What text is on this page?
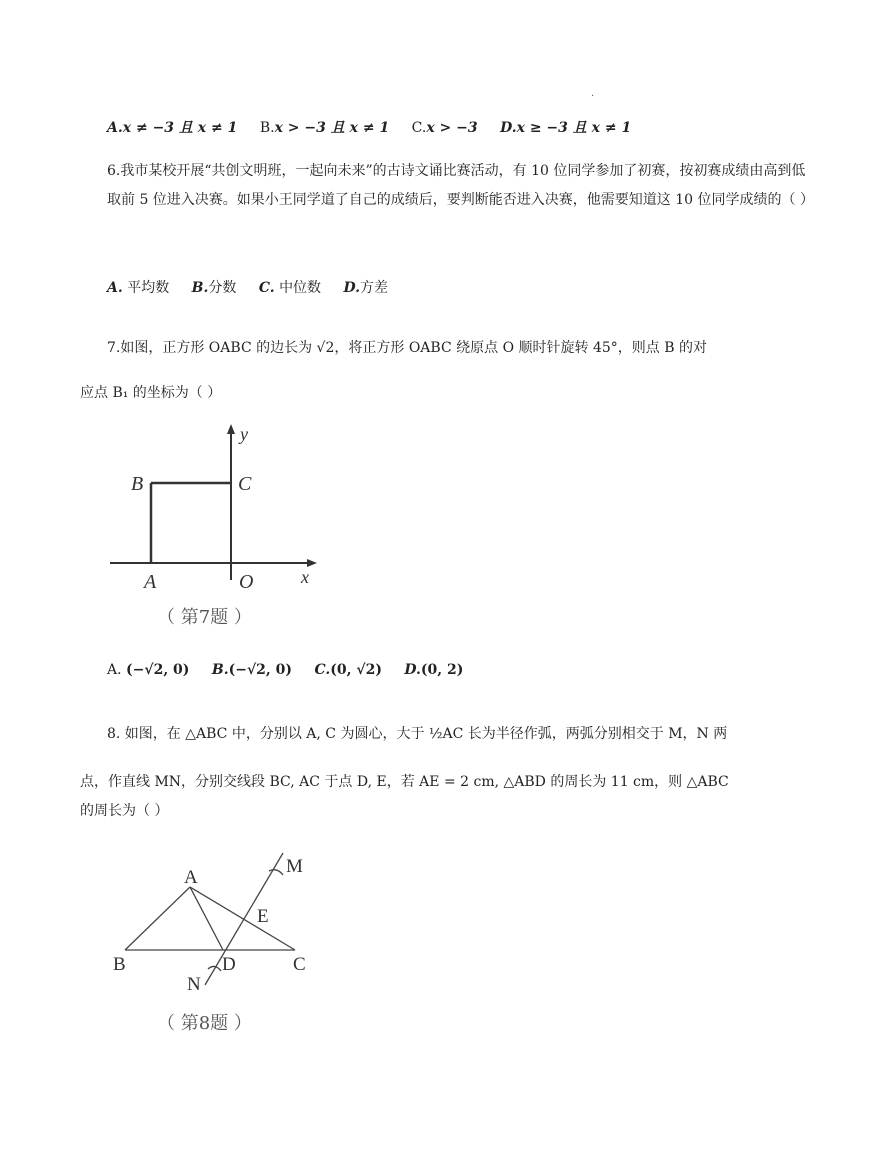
.
A.x ≠ −3 且 x ≠ 1 B.x > −3 且 x ≠ 1 C.x > −3 D.x ≥ −3 且 x ≠ 1
6.我市某校开展“共创文明班，一起向未来”的古诗文诵比赛活动，有 10 位同学参加了初赛，按初赛成绩由高到低取前 5 位进入决赛。如果小王同学道了自己的成绩后，要判断能否进入决赛，他需要知道这 10 位同学成绩的（ ）
A. 平均数 B.分数 C. 中位数 D.方差
7.如图，正方形 OABC 的边长为 √2，将正方形 OABC 绕原点 O 顺时针旋转 45°，则点 B 的对
应点 B₁ 的坐标为（ ）
B	C
A	O	x
y
（ 第7题 ）
A. (−√2, 0) B.(−√2, 0) C.(0, √2) D.(0, 2)
8. 如图，在 △ABC 中，分别以 A, C 为圆心，大于 ½AC 长为半径作弧，两弧分别相交于 M，N 两
点，作直线 MN，分别交线段 BC, AC 于点 D, E，若 AE = 2 cm, △ABD 的周长为 11 cm，则 △ABC
的周长为（ ）
A
B	C
D
E
M
N
（ 第8题 ）
